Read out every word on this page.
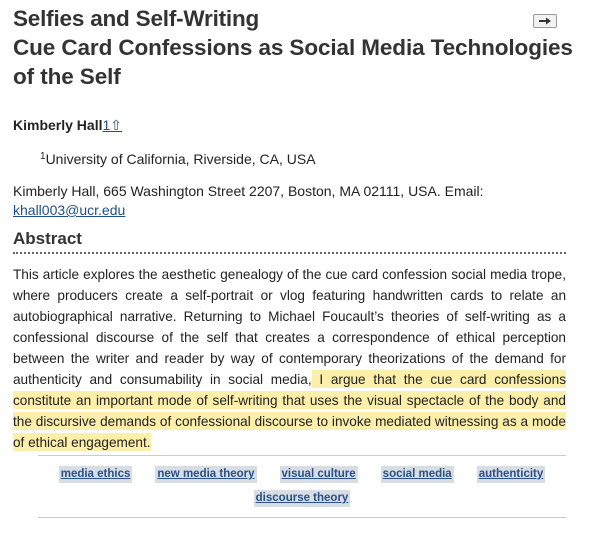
Selfies and Self-Writing
Cue Card Confessions as Social Media Technologies of the Self
Kimberly Hall1⇧
$^1$University of California, Riverside, CA, USA
Kimberly Hall, 665 Washington Street 2207, Boston, MA 02111, USA. Email:
khall003@ucr.edu
Abstract

This article explores the aesthetic genealogy of the cue card confession social media trope, where producers create a self-portrait or vlog featuring handwritten cards to relate an autobiographical narrative. Returning to Michael Foucault’s theories of self-writing as a confessional discourse of the self that creates a correspondence of ethical perception between the writer and reader by way of contemporary theorizations of the demand for authenticity and consumability in social media, I argue that the cue card confessions constitute an important mode of self-writing that uses the visual spectacle of the body and the discursive demands of confessional discourse to invoke mediated witnessing as a mode of ethical engagement.

media ethics new media theory visual culture social media authenticity
discourse theory
